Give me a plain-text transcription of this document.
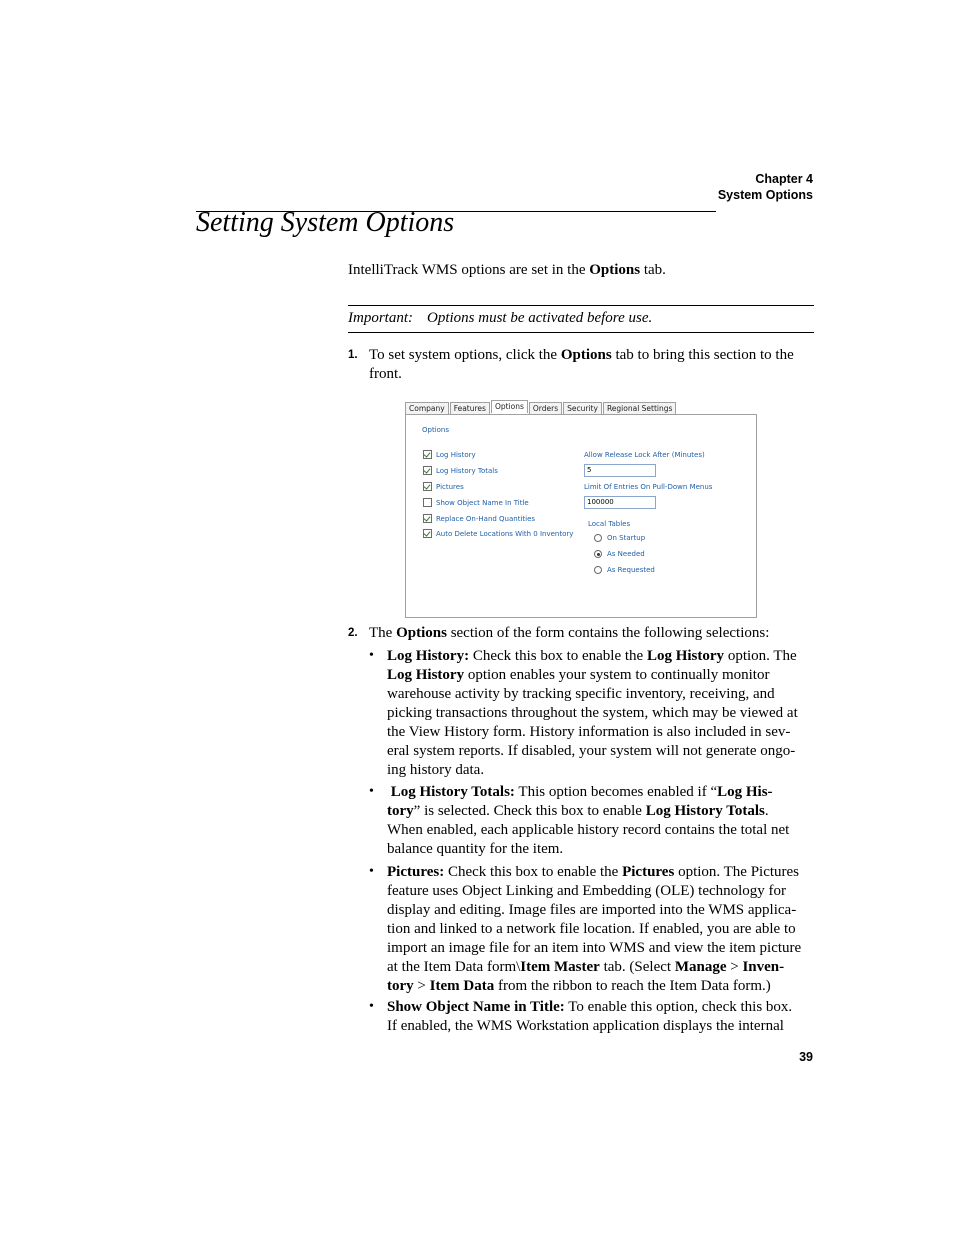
Chapter 4
System Options
Setting System Options
IntelliTrack WMS options are set in the Options tab.
Important: Options must be activated before use.
1. To set system options, click the Options tab to bring this section to the
front.
Company	Features	Options	Orders	Security	Regional Settings
Options
Log History
Log History Totals
Pictures
Show Object Name In Title
Replace On-Hand Quantities
Auto Delete Locations With 0 Inventory
Allow Release Lock After (Minutes)
5
Limit Of Entries On Pull-Down Menus
100000
Local Tables
On Startup
As Needed
As Requested
2. The Options section of the form contains the following selections:
• Log History: Check this box to enable the Log History option. The
Log History option enables your system to continually monitor
warehouse activity by tracking specific inventory, receiving, and
picking transactions throughout the system, which may be viewed at
the View History form. History information is also included in sev-
eral system reports. If disabled, your system will not generate ongo-
ing history data.
• Log History Totals: This option becomes enabled if “Log His-
tory” is selected. Check this box to enable Log History Totals.
When enabled, each applicable history record contains the total net
balance quantity for the item.
• Pictures: Check this box to enable the Pictures option. The Pictures
feature uses Object Linking and Embedding (OLE) technology for
display and editing. Image files are imported into the WMS applica-
tion and linked to a network file location. If enabled, you are able to
import an image file for an item into WMS and view the item picture
at the Item Data form\Item Master tab. (Select Manage > Inven-
tory > Item Data from the ribbon to reach the Item Data form.)
• Show Object Name in Title: To enable this option, check this box.
If enabled, the WMS Workstation application displays the internal
39
